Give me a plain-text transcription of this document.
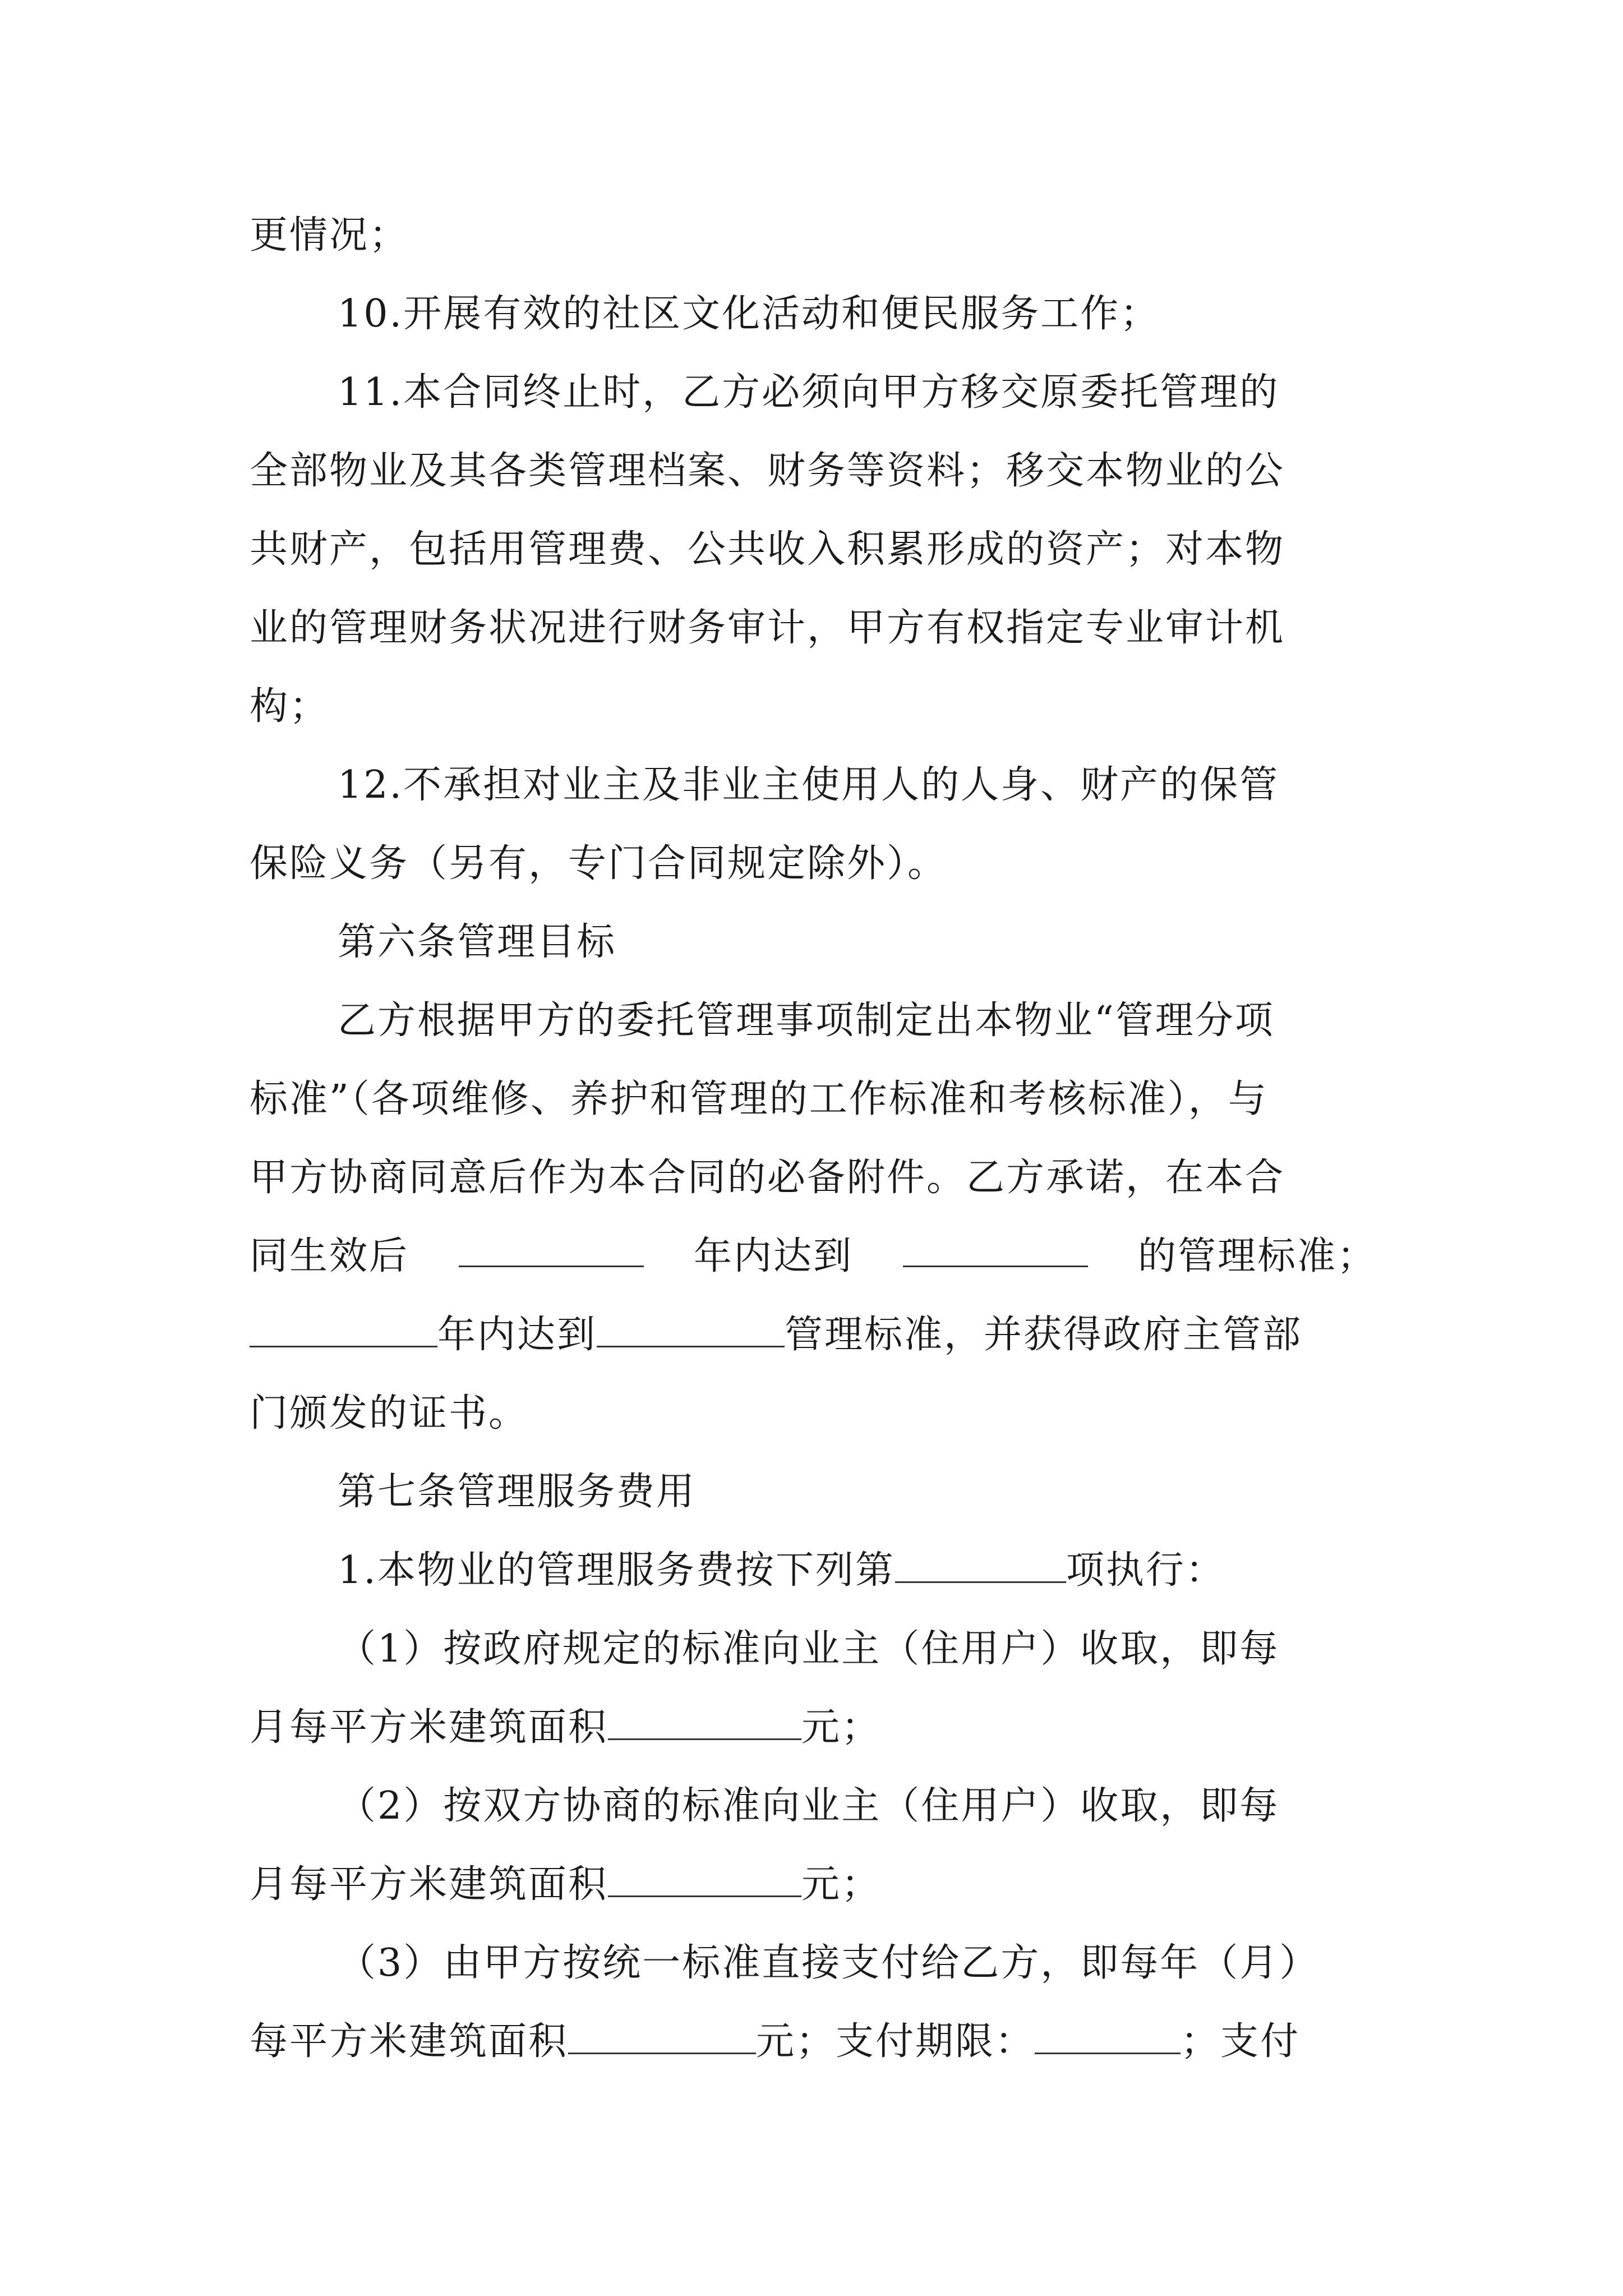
更情况；
10.开展有效的社区文化活动和便民服务工作；
11.本合同终止时，乙方必须向甲方移交原委托管理的
全部物业及其各类管理档案、财务等资料；移交本物业的公
共财产，包括用管理费、公共收入积累形成的资产；对本物
业的管理财务状况进行财务审计，甲方有权指定专业审计机
构；
12.不承担对业主及非业主使用人的人身、财产的保管
保险义务（另有，专门合同规定除外）。
第六条管理目标
乙方根据甲方的委托管理事项制定出本物业“管理分项
标准”（各项维修、养护和管理的工作标准和考核标准），与
甲方协商同意后作为本合同的必备附件。乙方承诺，在本合
同生效后	年内达到	的管理标准；
年内达到	管理标准，并获得政府主管部
门颁发的证书。
第七条管理服务费用
1.本物业的管理服务费按下列第	项执行：
（1）按政府规定的标准向业主（住用户）收取，即每
月每平方米建筑面积	元；
（2）按双方协商的标准向业主（住用户）收取，即每
月每平方米建筑面积	元；
（3）由甲方按统一标准直接支付给乙方，即每年（月）
每平方米建筑面积	元；支付期限：	；支付
